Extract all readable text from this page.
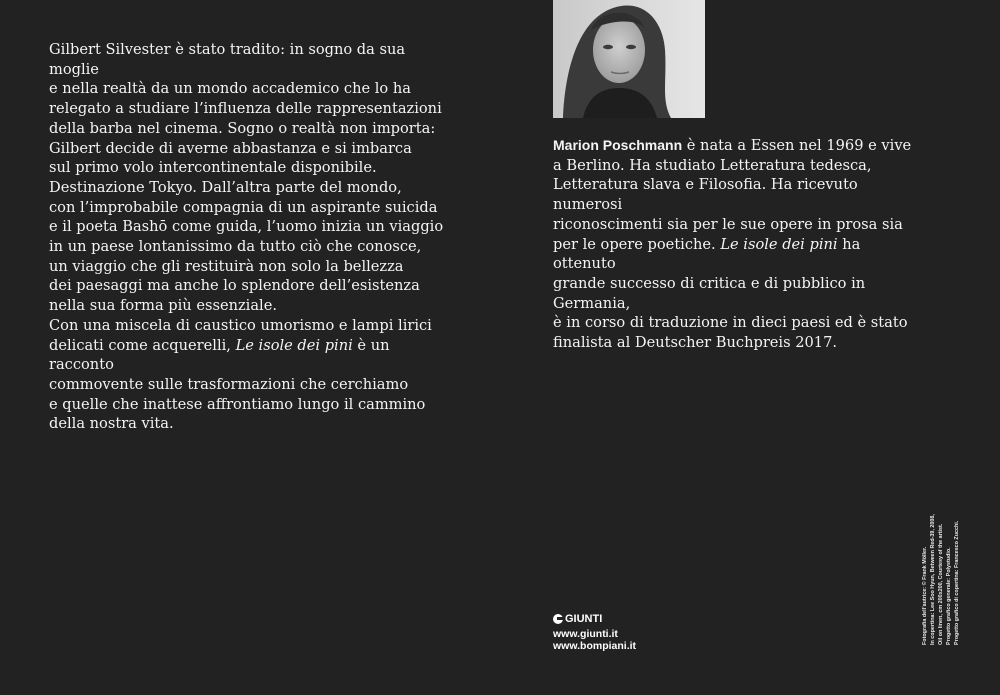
Gilbert Silvester è stato tradito: in sogno da sua moglie

e nella realtà da un mondo accademico che lo ha

relegato a studiare l’influenza delle rappresentazioni

della barba nel cinema. Sogno o realtà non importa:

Gilbert decide di averne abbastanza e si imbarca

sul primo volo intercontinentale disponibile.

Destinazione Tokyo. Dall’altra parte del mondo,

con l’improbabile compagnia di un aspirante suicida

e il poeta Bashō come guida, l’uomo inizia un viaggio

in un paese lontanissimo da tutto ciò che conosce,

un viaggio che gli restituirà non solo la bellezza

dei paesaggi ma anche lo splendore dell’esistenza

nella sua forma più essenziale.

Con una miscela di caustico umorismo e lampi lirici

delicati come acquerelli, Le isole dei pini è un racconto

commovente sulle trasformazioni che cerchiamo

e quelle che inattese affrontiamo lungo il cammino

della nostra vita.

Marion Poschmann è nata a Essen nel 1969 e vive

a Berlino. Ha studiato Letteratura tedesca,

Letteratura slava e Filosofia. Ha ricevuto numerosi

riconoscimenti sia per le sue opere in prosa sia

per le opere poetiche. Le isole dei pini ha ottenuto

grande successo di critica e di pubblico in Germania,

è in corso di traduzione in dieci paesi ed è stato

finalista al Deutscher Buchpreis 2017.

GIUNTI
www.giunti.it
www.bompiani.it
Fotografia dell’autrice: © Frank Möller. In copertina: Lee Soo Hyun, Between Red-39, 2008, Oil on linen, cm 200x200, Courtesy of the artist. Progetto grafico generale: Polystudio. Progetto grafico di copertina: Francesco Zucchi.
